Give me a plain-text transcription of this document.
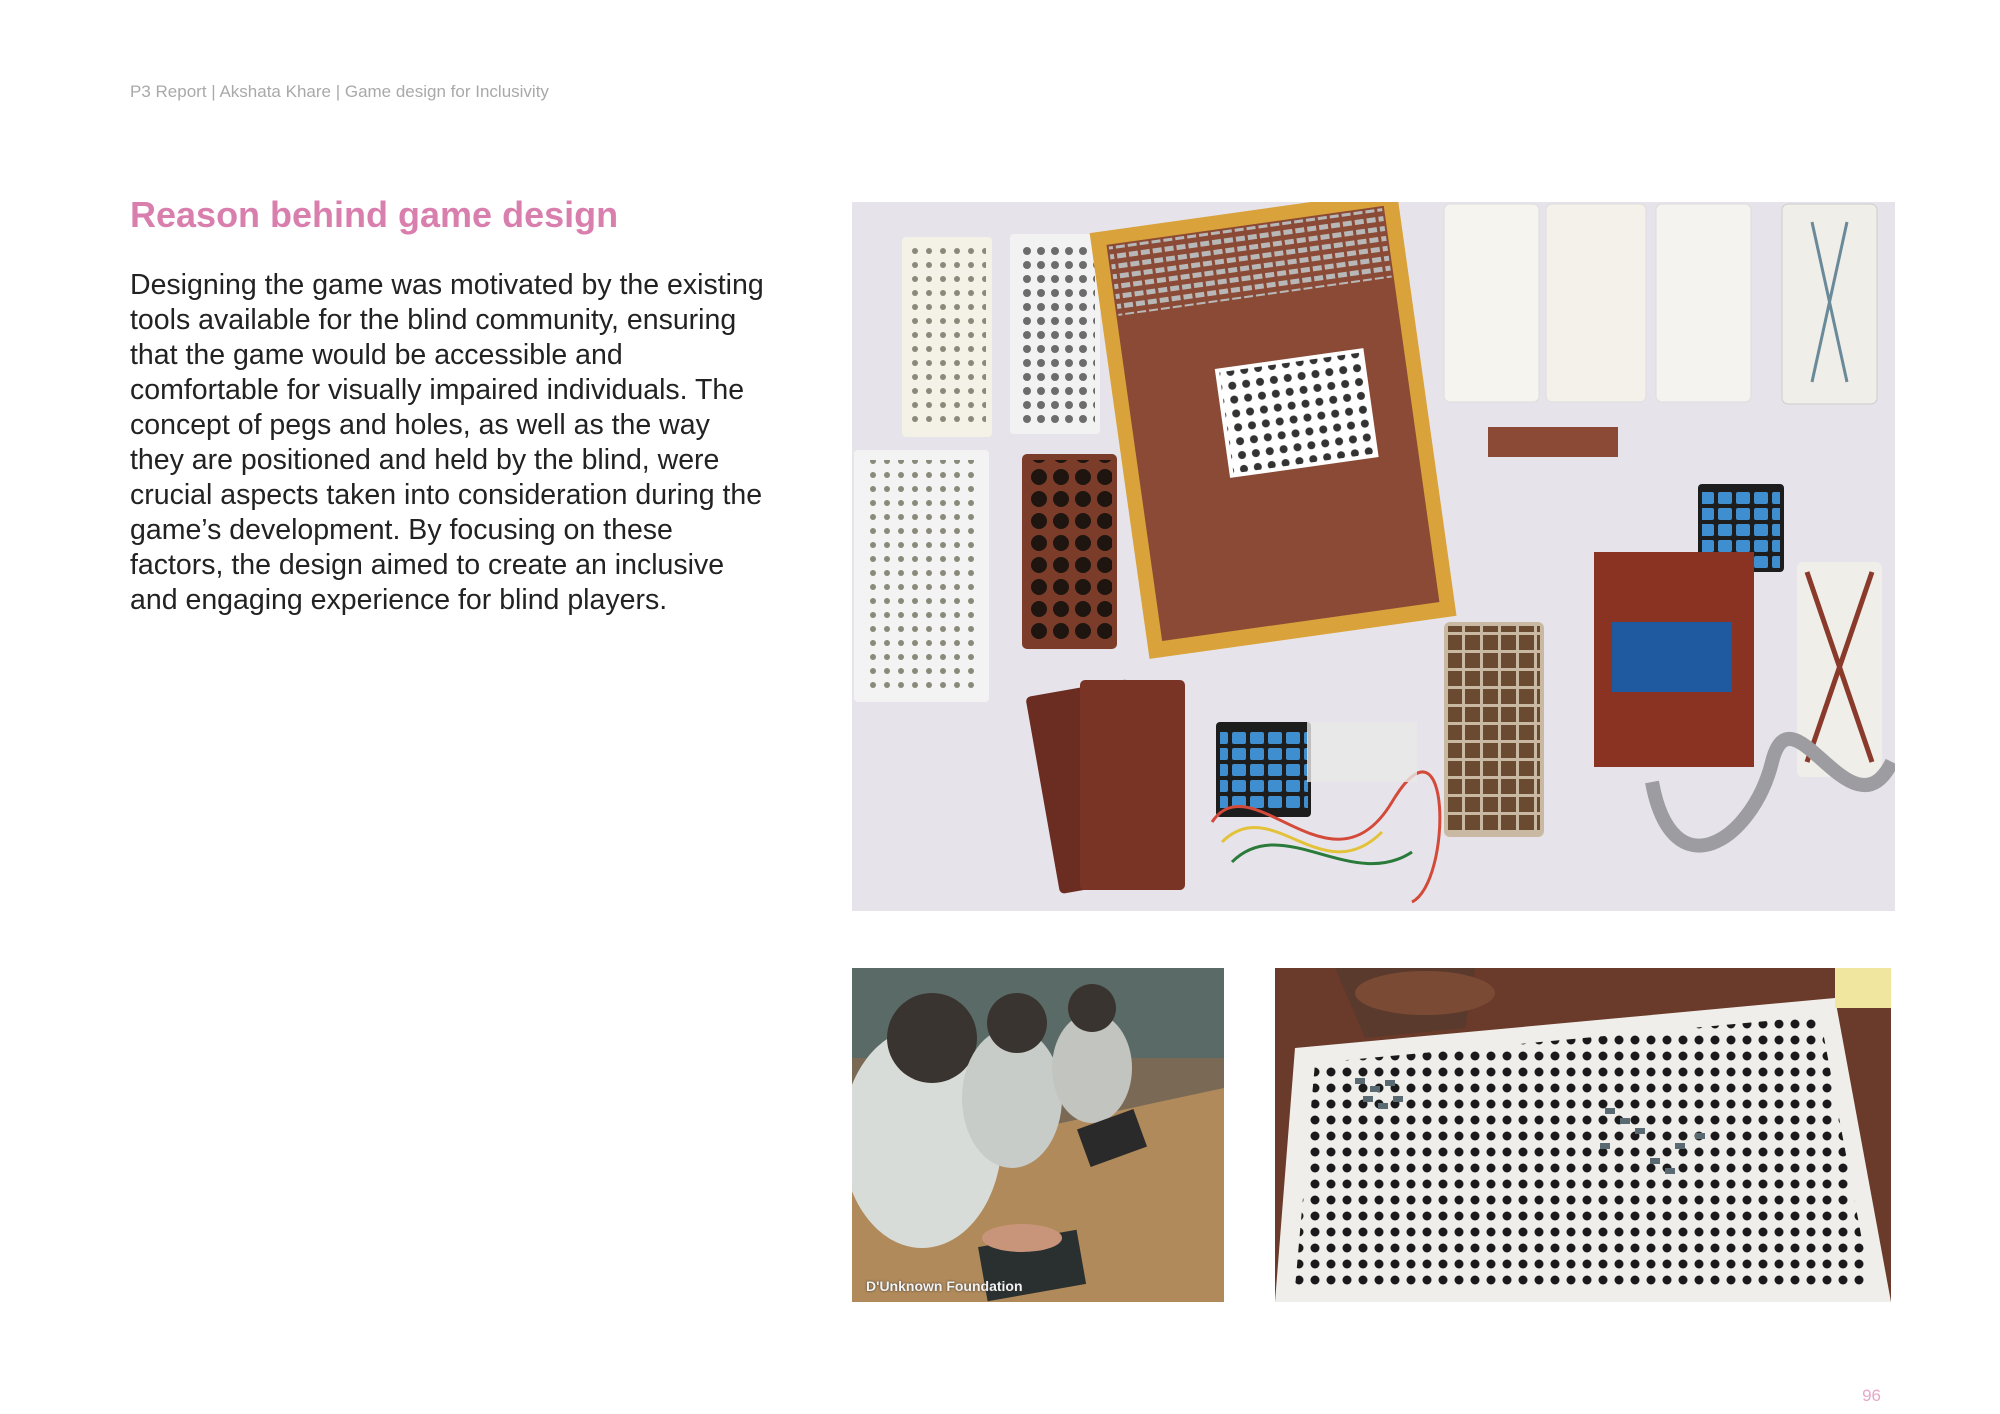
P3 Report | Akshata Khare | Game design for Inclusivity
Reason behind game design

Designing the game was motivated by the existing tools available for the blind community, ensuring that the game would be accessible and comfortable for visually impaired individuals. The concept of pegs and holes, as well as the way they are positioned and held by the blind, were crucial aspects taken into consideration during the game’s development. By focusing on these factors, the design aimed to create an inclusive and engaging experience for blind players.

D'Unknown Foundation
96
